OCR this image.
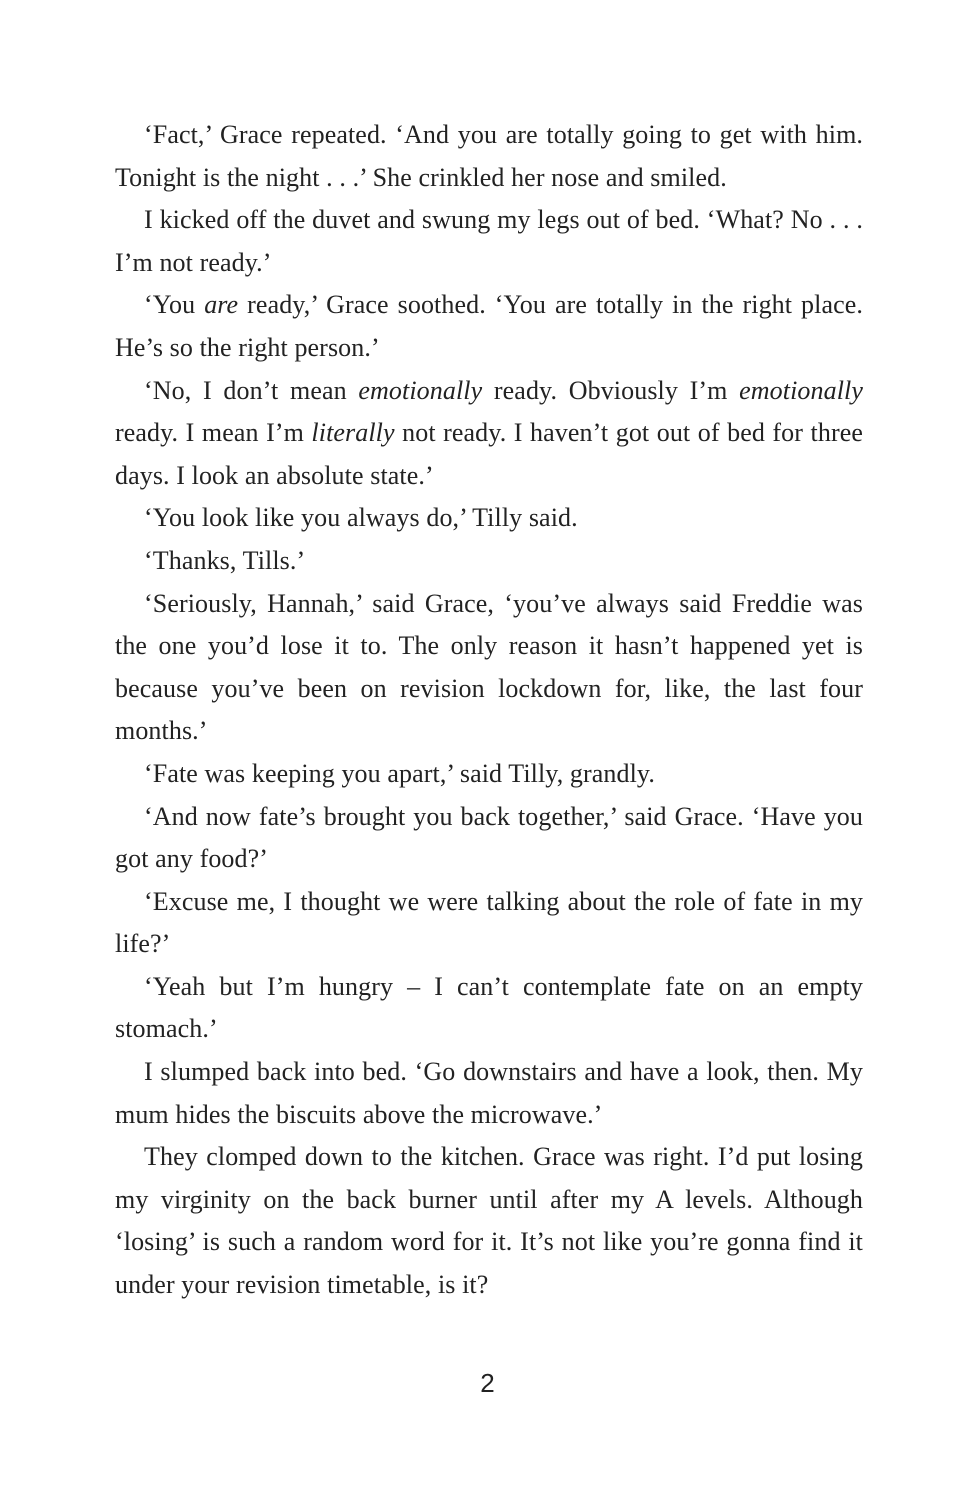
‘Fact,’ Grace repeated. ‘And you are totally going to get with him. Tonight is the night . . .’ She crinkled her nose and smiled.

I kicked off the duvet and swung my legs out of bed. ‘What? No . . . I’m not ready.’

‘You are ready,’ Grace soothed. ‘You are totally in the right place. He’s so the right person.’

‘No, I don’t mean emotionally ready. Obviously I’m emotionally ready. I mean I’m literally not ready. I haven’t got out of bed for three days. I look an absolute state.’

‘You look like you always do,’ Tilly said.

‘Thanks, Tills.’

‘Seriously, Hannah,’ said Grace, ‘you’ve always said Freddie was the one you’d lose it to. The only reason it hasn’t happened yet is because you’ve been on revision lockdown for, like, the last four months.’

‘Fate was keeping you apart,’ said Tilly, grandly.

‘And now fate’s brought you back together,’ said Grace. ‘Have you got any food?’

‘Excuse me, I thought we were talking about the role of fate in my life?’

‘Yeah but I’m hungry – I can’t contemplate fate on an empty stomach.’

I slumped back into bed. ‘Go downstairs and have a look, then. My mum hides the biscuits above the microwave.’

They clomped down to the kitchen. Grace was right. I’d put losing my virginity on the back burner until after my A levels. Although ‘losing’ is such a random word for it. It’s not like you’re gonna find it under your revision timetable, is it?

2
